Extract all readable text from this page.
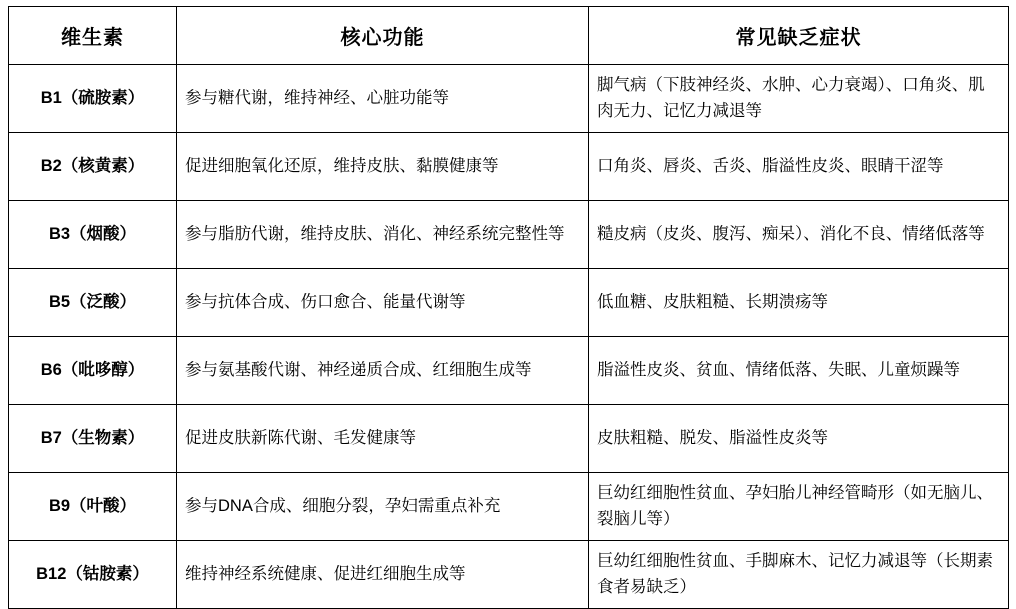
维生素	核心功能	常见缺乏症状
B1（硫胺素）	参与糖代谢，维持神经、心脏功能等	脚气病（下肢神经炎、水肿、心力衰竭）、口角炎、肌肉无力、记忆力减退等
B2（核黄素）	促进细胞氧化还原，维持皮肤、黏膜健康等	口角炎、唇炎、舌炎、脂溢性皮炎、眼睛干涩等
B3（烟酸）	参与脂肪代谢，维持皮肤、消化、神经系统完整性等	糙皮病（皮炎、腹泻、痴呆）、消化不良、情绪低落等
B5（泛酸）	参与抗体合成、伤口愈合、能量代谢等	低血糖、皮肤粗糙、长期溃疡等
B6（吡哆醇）	参与氨基酸代谢、神经递质合成、红细胞生成等	脂溢性皮炎、贫血、情绪低落、失眠、儿童烦躁等
B7（生物素）	促进皮肤新陈代谢、毛发健康等	皮肤粗糙、脱发、脂溢性皮炎等
B9（叶酸）	参与DNA合成、细胞分裂，孕妇需重点补充	巨幼红细胞性贫血、孕妇胎儿神经管畸形（如无脑儿、裂脑儿等）
B12（钴胺素）	维持神经系统健康、促进红细胞生成等	巨幼红细胞性贫血、手脚麻木、记忆力减退等（长期素食者易缺乏）
